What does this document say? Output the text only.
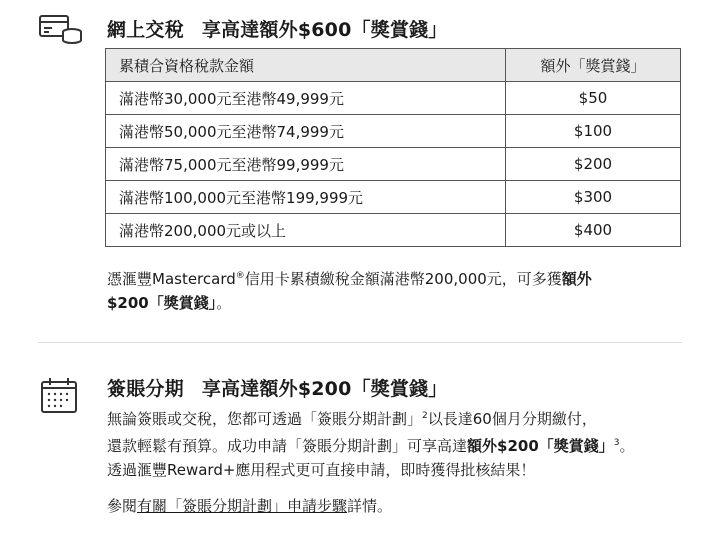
網上交稅 享高達額外$600「獎賞錢」
累積合資格稅款金額	額外「獎賞錢」
滿港幣30,000元至港幣49,999元	$50
滿港幣50,000元至港幣74,999元	$100
滿港幣75,000元至港幣99,999元	$200
滿港幣100,000元至港幣199,999元	$300
滿港幣200,000元或以上	$400
憑滙豐Mastercard®信用卡累積繳稅金額滿港幣200,000元，可多獲額外
$200「獎賞錢」。
簽賬分期 享高達額外$200「獎賞錢」
無論簽賬或交稅，您都可透過「簽賬分期計劃」$^2$以長達60個月分期繳付，
還款輕鬆有預算。成功申請「簽賬分期計劃」可享高達額外$200「獎賞錢」$^3$。
透過滙豐Reward+應用程式更可直接申請，即時獲得批核結果！
參閱有關「簽賬分期計劃」申請步驟詳情。
